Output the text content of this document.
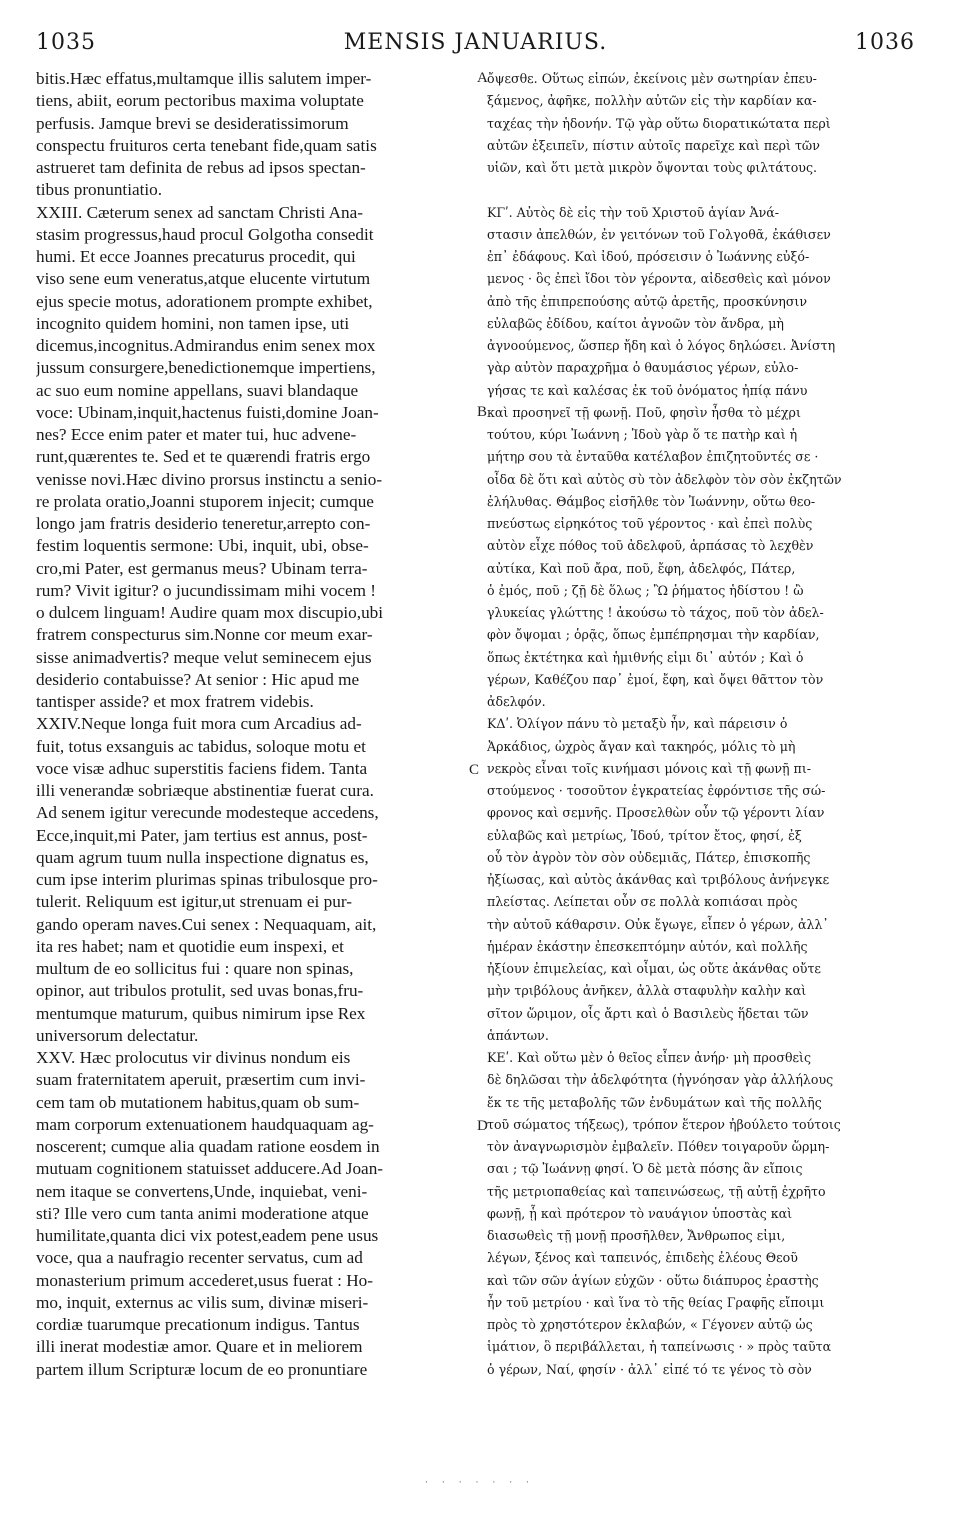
1035	MENSIS JANUARIUS.	1036
bitis.Hæc effatus,multamque illis salutem imper-
tiens, abiit, eorum pectoribus maxima voluptate
perfusis. Jamque brevi se desideratissimorum
conspectu fruituros certa tenebant fide,quam satis
astrueret tam definita de rebus ad ipsos spectan-
tibus pronuntiatio.
XXIII. Cæterum senex ad sanctam Christi Ana-
stasim progressus,haud procul Golgotha consedit
humi. Et ecce Joannes precaturus procedit, qui
viso sene eum veneratus,atque elucente virtutum
ejus specie motus, adorationem prompte exhibet,
incognito quidem homini, non tamen ipse, uti
dicemus,incognitus.Admirandus enim senex mox
jussum consurgere,benedictionemque impertiens,
ac suo eum nomine appellans, suavi blandaque
voce: Ubinam,inquit,hactenus fuisti,domine Joan-
nes? Ecce enim pater et mater tui, huc advene-
runt,quærentes te. Sed et te quærendi fratris ergo
venisse novi.Hæc divino prorsus instinctu a senio-
re prolata oratio,Joanni stuporem injecit; cumque
longo jam fratris desiderio teneretur,arrepto con-
festim loquentis sermone: Ubi, inquit, ubi, obse-
cro,mi Pater, est germanus meus? Ubinam terra-
rum? Vivit igitur? o jucundissimam mihi vocem !
o dulcem linguam! Audire quam mox discupio,ubi
fratrem conspecturus sim.Nonne cor meum exar-
sisse animadvertis? meque velut seminecem ejus
desiderio contabuisse? At senior : Hic apud me
tantisper asside? et mox fratrem videbis.
XXIV.Neque longa fuit mora cum Arcadius ad-
fuit, totus exsanguis ac tabidus, soloque motu et
voce visæ adhuc superstitis faciens fidem. Tanta
illi venerandæ sobriæque abstinentiæ fuerat cura.
Ad senem igitur verecunde modesteque accedens,
Ecce,inquit,mi Pater, jam tertius est annus, post-
quam agrum tuum nulla inspectione dignatus es,
cum ipse interim plurimas spinas tribulosque pro-
tulerit. Reliquum est igitur,ut strenuam ei pur-
gando operam naves.Cui senex : Nequaquam, ait,
ita res habet; nam et quotidie eum inspexi, et
multum de eo sollicitus fui : quare non spinas,
opinor, aut tribulos protulit, sed uvas bonas,fru-
mentumque maturum, quibus nimirum ipse Rex
universorum delectatur.
XXV. Hæc prolocutus vir divinus nondum eis
suam fraternitatem aperuit, præsertim cum invi-
cem tam ob mutationem habitus,quam ob sum-
mam corporum extenuationem haudquaquam ag-
noscerent; cumque alia quadam ratione eosdem in
mutuam cognitionem statuisset adducere.Ad Joan-
nem itaque se convertens,Unde, inquiebat, veni-
sti? Ille vero cum tanta animi moderatione atque
humilitate,quanta dici vix potest,eadem pene usus
voce, qua a naufragio recenter servatus, cum ad
monasterium primum accederet,usus fuerat : Ho-
mo, inquit, externus ac vilis sum, divinæ miseri-
cordiæ tuarumque precationum indigus. Tantus
illi inerat modestiæ amor. Quare et in meliorem
partem illum Scripturæ locum de eo pronuntiare
ὄψεσθε. Οὕτως εἰπών, ἐκείνοις μὲν σωτηρίαν ἐπευ-
ξάμενος, ἀφῆκε, πολλὴν αὐτῶν εἰς τὴν καρδίαν κα-
ταχέας τὴν ἡδονήν. Τῷ γὰρ οὕτω διορατικώτατα περὶ
αὐτῶν ἐξειπεῖν, πίστιν αὐτοῖς παρεῖχε καὶ περὶ τῶν
υἱῶν, καὶ ὅτι μετὰ μικρὸν ὄψονται τοὺς φιλτάτους.
ΚΓʹ. Αὐτὸς δὲ εἰς τὴν τοῦ Χριστοῦ ἁγίαν Ἀνά-
στασιν ἀπελθών, ἐν γειτόνων τοῦ Γολγοθᾶ, ἐκάθισεν
ἐπ᾽ ἐδάφους. Καὶ ἰδού, πρόσεισιν ὁ Ἰωάννης εὐξό-
μενος · ὃς ἐπεὶ ἴδοι τὸν γέροντα, αἰδεσθεὶς καὶ μόνον
ἀπὸ τῆς ἐπιπρεπούσης αὐτῷ ἀρετῆς, προσκύνησιν
εὐλαβῶς ἐδίδου, καίτοι ἀγνοῶν τὸν ἄνδρα, μὴ
ἀγνοούμενος, ὥσπερ ἤδη καὶ ὁ λόγος δηλώσει. Ἀνίστη
γὰρ αὐτὸν παραχρῆμα ὁ θαυμάσιος γέρων, εὐλο-
γήσας τε καὶ καλέσας ἐκ τοῦ ὀνόματος ἠπίᾳ πάνυ
καὶ προσηνεῖ τῇ φωνῇ. Ποῦ, φησὶν ἦσθα τὸ μέχρι
τούτου, κύρι Ἰωάννη ; Ἰδοὺ γὰρ ὅ τε πατὴρ καὶ ἡ
μήτηρ σου τὰ ἐνταῦθα κατέλαβον ἐπιζητοῦντές σε ·
οἶδα δὲ ὅτι καὶ αὐτὸς σὺ τὸν ἀδελφὸν τὸν σὸν ἐκζητῶν
ἐλήλυθας. Θάμβος εἰσῆλθε τὸν Ἰωάννην, οὕτω θεο-
πνεύστως εἰρηκότος τοῦ γέροντος · καὶ ἐπεὶ πολὺς
αὐτὸν εἶχε πόθος τοῦ ἀδελφοῦ, ἁρπάσας τὸ λεχθὲν
αὐτίκα, Καὶ ποῦ ἄρα, ποῦ, ἔφη, ἀδελφός, Πάτερ,
ὁ ἐμός, ποῦ ; ζῇ δὲ ὅλως ; Ὢ ῥήματος ἡδίστου ! ὢ
γλυκείας γλώττης ! ἀκούσω τὸ τάχος, ποῦ τὸν ἀδελ-
φὸν ὄψομαι ; ὁρᾷς, ὅπως ἐμπέπρησμαι τὴν καρδίαν,
ὅπως ἐκτέτηκα καὶ ἡμιθνής εἰμι δι᾽ αὐτόν ; Καὶ ὁ
γέρων, Καθέζου παρ᾽ ἐμοί, ἔφη, καὶ ὄψει θᾶττον τὸν
ἀδελφόν.
ΚΔʹ. Ὀλίγον πάνυ τὸ μεταξὺ ἦν, καὶ πάρεισιν ὁ
Ἀρκάδιος, ὠχρὸς ἄγαν καὶ τακηρός, μόλις τὸ μὴ
νεκρὸς εἶναι τοῖς κινήμασι μόνοις καὶ τῇ φωνῇ πι-
στούμενος · τοσοῦτον ἐγκρατείας ἐφρόντισε τῆς σώ-
φρονος καὶ σεμνῆς. Προσελθὼν οὖν τῷ γέροντι λίαν
εὐλαβῶς καὶ μετρίως, Ἰδού, τρίτον ἔτος, φησί, ἐξ
οὗ τὸν ἀγρὸν τὸν σὸν οὐδεμιᾶς, Πάτερ, ἐπισκοπῆς
ἠξίωσας, καὶ αὐτὸς ἀκάνθας καὶ τριβόλους ἀνήνεγκε
πλείστας. Λείπεται οὖν σε πολλὰ κοπιάσαι πρὸς
τὴν αὐτοῦ κάθαρσιν. Οὐκ ἔγωγε, εἶπεν ὁ γέρων, ἀλλ᾽
ἡμέραν ἑκάστην ἐπεσκεπτόμην αὐτόν, καὶ πολλῆς
ἠξίουν ἐπιμελείας, καὶ οἶμαι, ὡς οὔτε ἀκάνθας οὔτε
μὴν τριβόλους ἀνῆκεν, ἀλλὰ σταφυλὴν καλὴν καὶ
σῖτον ὥριμον, οἷς ἄρτι καὶ ὁ Βασιλεὺς ἥδεται τῶν
ἁπάντων.
ΚΕʹ. Καὶ οὕτω μὲν ὁ θεῖος εἶπεν ἀνήρ· μὴ προσθεὶς
δὲ δηλῶσαι τὴν ἀδελφότητα (ἠγνόησαν γὰρ ἀλλήλους
ἔκ τε τῆς μεταβολῆς τῶν ἐνδυμάτων καὶ τῆς πολλῆς
τοῦ σώματος τήξεως), τρόπον ἕτερον ἠβούλετο τούτοις
τὸν ἀναγνωρισμὸν ἐμβαλεῖν. Πόθεν τοιγαροῦν ὥρμη-
σαι ; τῷ Ἰωάννῃ φησί. Ὁ δὲ μετὰ πόσης ἂν εἴποις
τῆς μετριοπαθείας καὶ ταπεινώσεως, τῇ αὐτῇ ἐχρῆτο
φωνῇ, ᾗ καὶ πρότερον τὸ ναυάγιον ὑποστὰς καὶ
διασωθεὶς τῇ μονῇ προσῆλθεν, Ἄνθρωπος εἰμι,
λέγων, ξένος καὶ ταπεινός, ἐπιδεὴς ἐλέους Θεοῦ
καὶ τῶν σῶν ἁγίων εὐχῶν · οὕτω διάπυρος ἐραστὴς
ἦν τοῦ μετρίου · καὶ ἵνα τὸ τῆς θείας Γραφῆς εἴποιμι
πρὸς τὸ χρηστότερον ἐκλαβών, « Γέγονεν αὐτῷ ὡς
ἱμάτιον, ὃ περιβάλλεται, ἡ ταπείνωσις · » πρὸς ταῦτα
ὁ γέρων, Ναί, φησίν · ἀλλ᾽ εἰπέ τό τε γένος τὸ σὸν
A
B
C
D
· · · · · · ·
